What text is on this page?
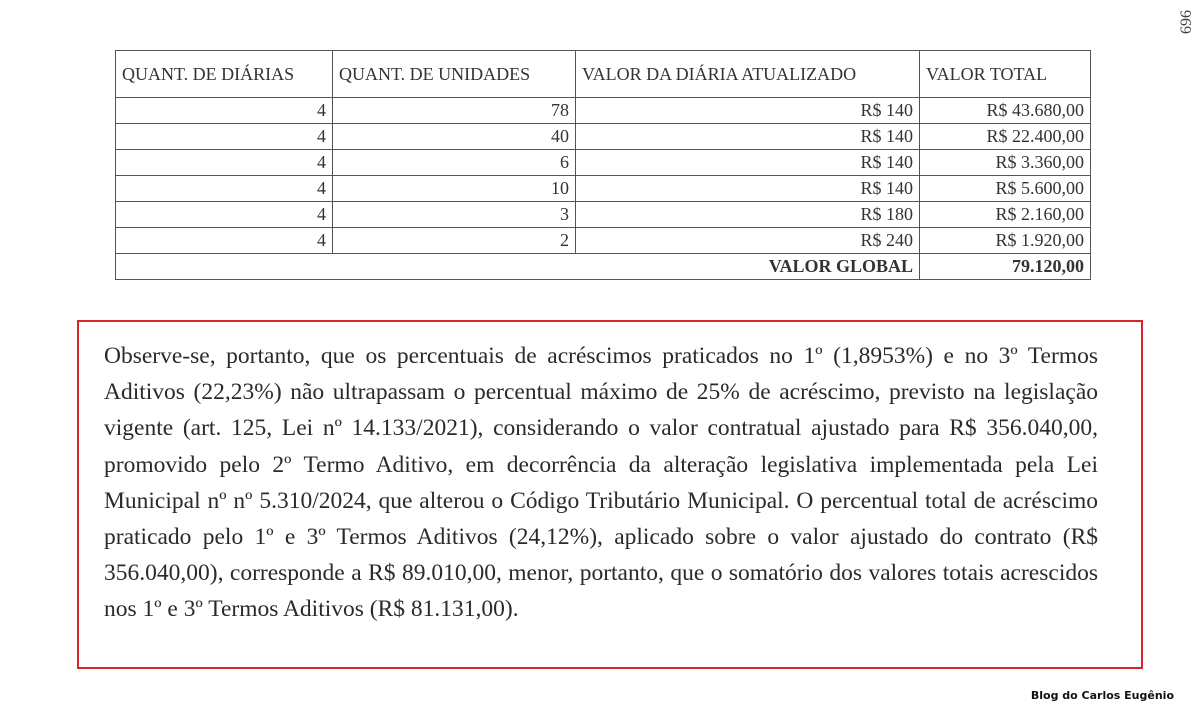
696
QUANT. DE DIÁRIAS	QUANT. DE UNIDADES	VALOR DA DIÁRIA ATUALIZADO	VALOR TOTAL
4	78	R$ 140	R$ 43.680,00
4	40	R$ 140	R$ 22.400,00
4	6	R$ 140	R$ 3.360,00
4	10	R$ 140	R$ 5.600,00
4	3	R$ 180	R$ 2.160,00
4	2	R$ 240	R$ 1.920,00
VALOR GLOBAL			79.120,00

Observe-se, portanto, que os percentuais de acréscimos praticados no 1º (1,8953%) e no 3º Termos Aditivos (22,23%) não ultrapassam o percentual máximo de 25% de acréscimo, previsto na legislação vigente (art. 125, Lei nº 14.133/2021), considerando o valor contratual ajustado para R$ 356.040,00, promovido pelo 2º Termo Aditivo, em decorrência da alteração legislativa implementada pela Lei Municipal nº nº 5.310/2024, que alterou o Código Tributário Municipal. O percentual total de acréscimo praticado pelo 1º e 3º Termos Aditivos (24,12%), aplicado sobre o valor ajustado do contrato (R$ 356.040,00), corresponde a R$ 89.010,00, menor, portanto, que o somatório dos valores totais acrescidos nos 1º e 3º Termos Aditivos (R$ 81.131,00).

Blog do Carlos Eugênio
